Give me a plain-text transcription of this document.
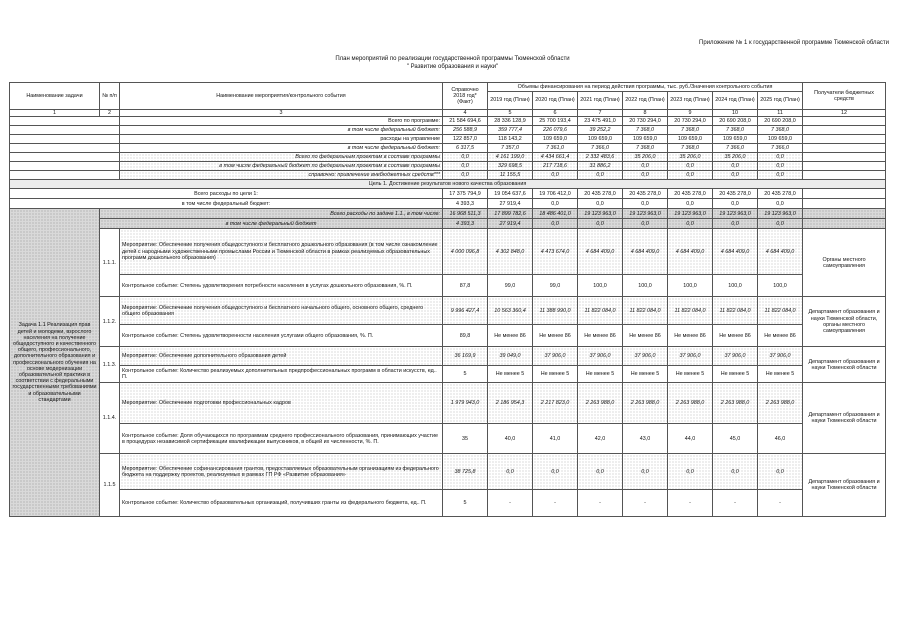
Приложение № 1 к государственной программе Тюменской области
План мероприятий по реализации государственной программы Тюменской области
" Развитие образования и науки"
Наименование задачи	№ п/п	Наименование мероприятия/контрольного события	Справочно 2018 год* (Факт)	Объемы финансирования на период действия программы, тыс. руб./Значения контрольного события							Получатели бюджетных средств
				2019 год (План)	2020 год (План)	2021 год (План)	2022 год (План)	2023 год (План)	2024 год (План)	2025 год (План)	
1	2	3	4	5	6	7	8	9	10	11	12
		Всего по программе:	21 584 694,6	28 336 128,9	25 700 193,4	23 475 491,0	20 730 294,0	20 730 294,0	20 690 208,0	20 690 208,0	
		в том числе федеральный бюджет:	256 588,9	359 777,4	226 079,6	39 252,2	7 368,0	7 368,0	7 368,0	7 368,0	
		расходы на управление	122 857,0	118 143,2	109 659,0	109 659,0	109 659,0	109 659,0	109 659,0	109 659,0	
		в том числе федеральный бюджет:	6 317,5	7 357,0	7 361,0	7 366,0	7 368,0	7 368,0	7 366,0	7 366,0	
		Всего по федеральным проектам в составе программы	0,0	4 161 199,0	4 434 661,4	2 332 483,6	35 206,0	35 206,0	35 206,0	0,0	
		в том числе федеральный бюджет по федеральным проектам в составе программы	0,0	329 698,5	217 718,6	31 886,2	0,0	0,0	0,0	0,0	
		справочно: привлечение внебюджетных средств***	0,0	11 155,5	0,0	0,0	0,0	0,0	0,0	0,0	
Цель 1. Достижение результатов нового качества образования											
Всего расходы по цели 1:			17 375 794,9	19 054 637,6	19 706 412,0	20 435 278,0	20 435 278,0	20 435 278,0	20 435 278,0	20 435 278,0	
в том числе федеральный бюджет:			4 393,3	27 919,4	0,0	0,0	0,0	0,0	0,0	0,0	
Задача 1.1 Реализация прав детей и молодежи, взрослого населения на получение общедоступного и качественного общего, профессионального, дополнительного образования и профессионального обучения на основе модернизации образовательной практики в соответствии с федеральными государственными требованиями и образовательными стандартами	Всего расходы по задаче 1.1., в том числе:		16 968 511,3	17 899 782,6	18 486 401,0	19 123 963,0	19 123 963,0	19 123 963,0	19 123 963,0	19 123 963,0	
	в том числе федеральный бюджет		4 393,3	27 919,4	0,0	0,0	0,0	0,0	0,0	0,0	
	1.1.1.	Мероприятие: Обеспечение получения общедоступного и бесплатного дошкольного образования (в том числе ознакомление детей с народными художественными промыслами России и Тюменской области в рамках реализуемых образовательных программ дошкольного образования)	4 000 096,8	4 302 848,0	4 473 674,0	4 684 409,0	4 684 409,0	4 684 409,0	4 684 409,0	4 684 409,0	Органы местного самоуправления
		Контрольное событие: Степень удовлетворения потребности населения в услугах дошкольного образования, %. П.	87,8	99,0	99,0	100,0	100,0	100,0	100,0	100,0	
	1.1.2.	Мероприятие: Обеспечение получения общедоступного и бесплатного начального общего, основного общего, среднего общего образования	9 996 427,4	10 563 360,4	11 388 990,0	11 822 084,0	11 822 084,0	11 822 084,0	11 822 084,0	11 822 084,0	Департамент образования и науки Тюменской области, органы местного самоуправления
		Контрольное событие: Степень удовлетворенности населения услугами общего образования, %. П.	89,8	Не менее 86	Не менее 86	Не менее 86	Не менее 86	Не менее 86	Не менее 86	Не менее 86	
	1.1.3.	Мероприятие: Обеспечение дополнительного образования детей	36 169,9	39 049,0	37 906,0	37 906,0	37 906,0	37 906,0	37 906,0	37 906,0	Департамент образования и науки Тюменской области
		Контрольное событие: Количество реализуемых дополнительных предпрофессиональных программ в области искусств, ед.. П.	5	Не менее 5	Не менее 5	Не менее 5	Не менее 5	Не менее 5	Не менее 5	Не менее 5	
	1.1.4.	Мероприятие: Обеспечение подготовки профессиональных кадров	1 979 943,0	2 186 954,3	2 217 823,0	2 263 988,0	2 263 988,0	2 263 988,0	2 263 988,0	2 263 988,0	Департамент образования и науки Тюменской области
		Контрольное событие: Доля обучающихся по программам среднего профессионального образования, принимающих участие в процедурах независимой сертификации квалификации выпускников, в общей их численности, %. П.	35	40,0	41,0	42,0	43,0	44,0	45,0	46,0	
	1.1.5	Мероприятие: Обеспечение софинансирования грантов, предоставляемых образовательным организациям из федерального бюджета на поддержку проектов, реализуемых в рамках ГП РФ «Развитие образования»	38 725,8	0,0	0,0	0,0	0,0	0,0	0,0	0,0	Департамент образования и науки Тюменской области
		Контрольное событие: Количество образовательных организаций, получивших гранты из федерального бюджета, ед.. П.	5	-	-	-	-	-	-	-	
